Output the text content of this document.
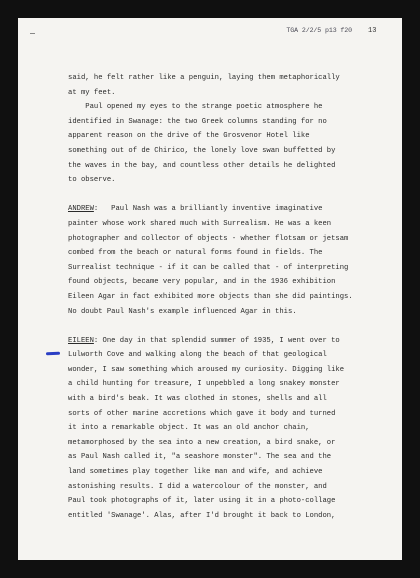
TGA 2/2/5 p13 f20 13
said, he felt rather like a penguin, laying them metaphorically
at my feet.
Paul opened my eyes to the strange poetic atmosphere he
identified in Swanage: the two Greek columns standing for no
apparent reason on the drive of the Grosvenor Hotel like
something out of de Chirico, the lonely love swan buffetted by
the waves in the bay, and countless other details he delighted
to observe.
ANDREW:   Paul Nash was a brilliantly inventive imaginative
painter whose work shared much with Surrealism. He was a keen
photographer and collector of objects - whether flotsam or jetsam
combed from the beach or natural forms found in fields. The
Surrealist technique - if it can be called that - of interpreting
found objects, became very popular, and in the 1936 exhibition
Eileen Agar in fact exhibited more objects than she did paintings.
No doubt Paul Nash's example influenced Agar in this.
EILEEN: One day in that splendid summer of 1935, I went over to
Lulworth Cove and walking along the beach of that geological
wonder, I saw something which aroused my curiosity. Digging like
a child hunting for treasure, I unpebbled a long snakey monster
with a bird's beak. It was clothed in stones, shells and all
sorts of other marine accretions which gave it body and turned
it into a remarkable object. It was an old anchor chain,
metamorphosed by the sea into a new creation, a bird snake, or
as Paul Nash called it, "a seashore monster". The sea and the
land sometimes play together like man and wife, and achieve
astonishing results. I did a watercolour of the monster, and
Paul took photographs of it, later using it in a photo-collage
entitled 'Swanage'. Alas, after I'd brought it back to London,
